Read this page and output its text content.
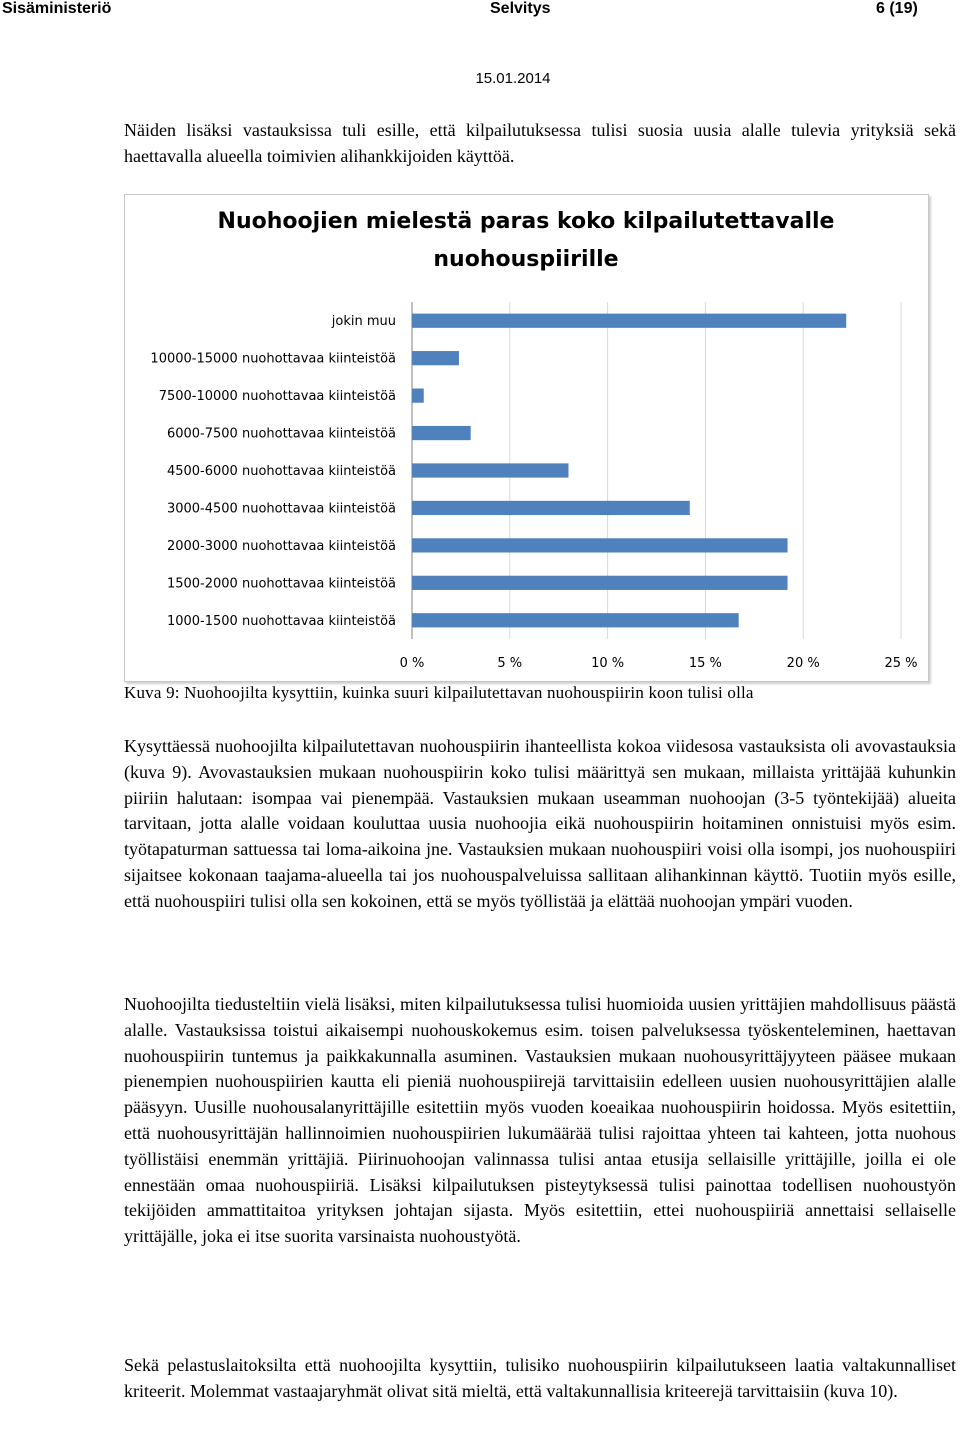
Sisäministeriö	Selvitys	6 (19)
15.01.2014

Näiden lisäksi vastauksissa tuli esille, että kilpailutuksessa tulisi suosia uusia alalle tulevia yrityksiä sekä haettavalla alueella toimivien alihankkijoiden käyttöä.

Nuohoojien mielestä paras koko kilpailutettavalle
nuohouspiirille
0 %	5 %	10 %	15 %	20 %	25 %
jokin muu
10000-15000 nuohottavaa kiinteistöä
7500-10000 nuohottavaa kiinteistöä
6000-7500 nuohottavaa kiinteistöä
4500-6000 nuohottavaa kiinteistöä
3000-4500 nuohottavaa kiinteistöä
2000-3000 nuohottavaa kiinteistöä
1500-2000 nuohottavaa kiinteistöä
1000-1500 nuohottavaa kiinteistöä

Kuva 9: Nuohoojilta kysyttiin, kuinka suuri kilpailutettavan nuohouspiirin koon tulisi olla

Kysyttäessä nuohoojilta kilpailutettavan nuohouspiirin ihanteellista kokoa viidesosa vastauksista oli avovastauksia (kuva 9). Avovastauksien mukaan nuohouspiirin koko tulisi määrittyä sen mukaan, millaista yrittäjää kuhunkin piiriin halutaan: isompaa vai pienempää. Vastauksien mukaan useamman nuohoojan (3-5 työntekijää) alueita tarvitaan, jotta alalle voidaan kouluttaa uusia nuohoojia eikä nuohouspiirin hoitaminen onnistuisi myös esim. työtapaturman sattuessa tai loma-aikoina jne. Vastauksien mukaan nuohouspiiri voisi olla isompi, jos nuohouspiiri sijaitsee kokonaan taajama-alueella tai jos nuohouspalveluissa sallitaan alihankinnan käyttö. Tuotiin myös esille, että nuohouspiiri tulisi olla sen kokoinen, että se myös työllistää ja elättää nuohoojan ympäri vuoden.

Nuohoojilta tiedusteltiin vielä lisäksi, miten kilpailutuksessa tulisi huomioida uusien yrittäjien mahdollisuus päästä alalle. Vastauksissa toistui aikaisempi nuohouskokemus esim. toisen palveluksessa työskenteleminen, haettavan nuohouspiirin tuntemus ja paikkakunnalla asuminen. Vastauksien mukaan nuohousyrittäjyyteen pääsee mukaan pienempien nuohouspiirien kautta eli pieniä nuohouspiirejä tarvittaisiin edelleen uusien nuohousyrittäjien alalle pääsyyn. Uusille nuohousalanyrittäjille esitettiin myös vuoden koeaikaa nuohouspiirin hoidossa. Myös esitettiin, että nuohousyrittäjän hallinnoimien nuohouspiirien lukumäärää tulisi rajoittaa yhteen tai kahteen, jotta nuohous työllistäisi enemmän yrittäjiä. Piirinuohoojan valinnassa tulisi antaa etusija sellaisille yrittäjille, joilla ei ole ennestään omaa nuohouspiiriä. Lisäksi kilpailutuksen pisteytyksessä tulisi painottaa todellisen nuohoustyön tekijöiden ammattitaitoa yrityksen johtajan sijasta. Myös esitettiin, ettei nuohouspiiriä annettaisi sellaiselle yrittäjälle, joka ei itse suorita varsinaista nuohoustyötä.

Sekä pelastuslaitoksilta että nuohoojilta kysyttiin, tulisiko nuohouspiirin kilpailutukseen laatia valtakunnalliset kriteerit. Molemmat vastaajaryhmät olivat sitä mieltä, että valtakunnallisia kriteerejä tarvittaisiin (kuva 10).
